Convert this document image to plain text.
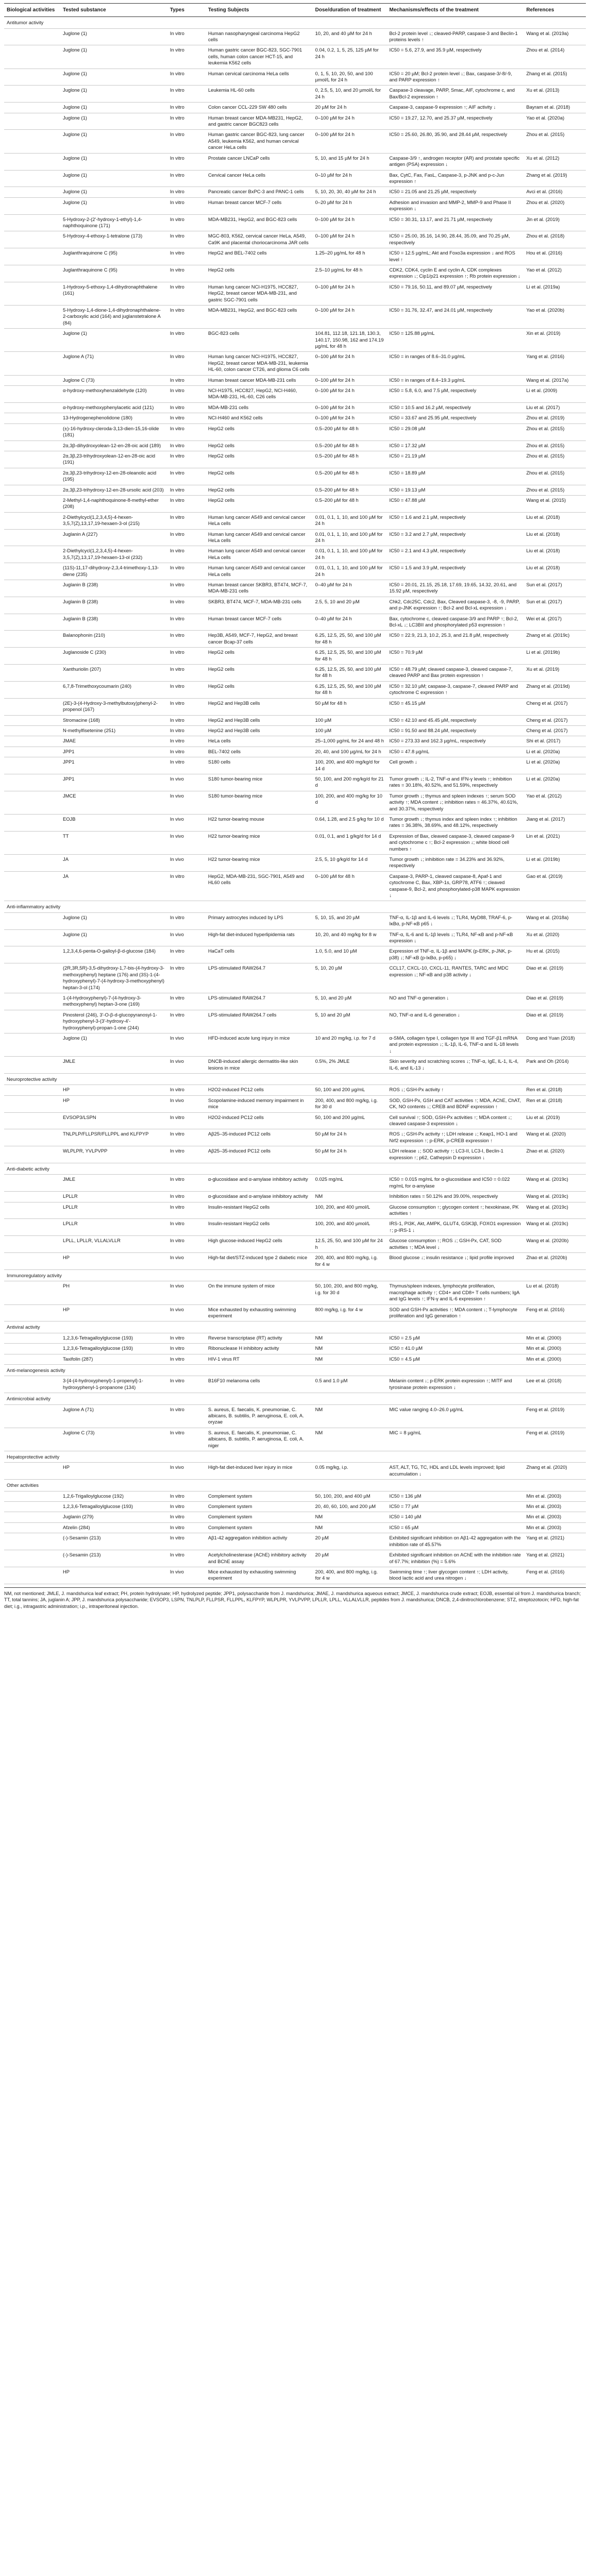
Biological activities	Tested substance	Types	Testing Subjects	Dose/duration of treatment	Mechanisms/effects of the treatment	References
Antitumor activity						
	Juglone (1)	In vitro	Human nasopharyngeal carcinoma HepG2 cells	10, 20, and 40 µM for 24 h	Bcl-2 protein level ↓; cleaved-PARP, caspase-3 and Beclin-1 proteins levels ↑	Wang et al. (2019a)
	Juglone (1)	In vitro	Human gastric cancer BGC-823, SGC-7901 cells, human colon cancer HCT-15, and leukemia K562 cells	0.04, 0.2, 1, 5, 25, 125 µM for 24 h	IC50 = 5.6, 27.9, and 35.9 µM, respectively	Zhou et al. (2014)
	Juglone (1)	In vitro	Human cervical carcinoma HeLa cells	0, 1, 5, 10, 20, 50, and 100 µmol/L for 24 h	IC50 = 20 µM; Bcl-2 protein level ↓; Bax, caspase-3/-8/-9, and PARP expression ↑	Zhang et al. (2015)
	Juglone (1)	In vitro	Leukemia HL-60 cells	0, 2.5, 5, 10, and 20 µmol/L for 24 h	Caspase-3 cleavage, PARP, Smac, AIF, cytochrome c, and Bax/Bcl-2 expression ↑	Xu et al. (2013)
	Juglone (1)	In vitro	Colon cancer CCL-229 SW 480 cells	20 µM for 24 h	Caspase-3, caspase-9 expression ↑; AIF activity ↓	Bayram et al. (2018)
	Juglone (1)	In vitro	Human breast cancer MDA-MB231, HepG2, and gastric cancer BGC823 cells	0–100 µM for 24 h	IC50 = 19.27, 12.70, and 25.37 µM, respectively	Yao et al. (2020a)
	Juglone (1)	In vitro	Human gastric cancer BGC-823, lung cancer A549, leukemia K562, and human cervical cancer HeLa cells	0–100 µM for 24 h	IC50 = 25.60, 26.80, 35.90, and 28.44 µM, respectively	Zhou et al. (2015)
	Juglone (1)	In vitro	Prostate cancer LNCaP cells	5, 10, and 15 µM for 24 h	Caspase-3/9 ↑, androgen receptor (AR) and prostate specific antigen (PSA) expression ↓	Xu et al. (2012)
	Juglone (1)	In vitro	Cervical cancer HeLa cells	0–10 µM for 24 h	Bax, CytC, Fas, FasL, Caspase-3, p-JNK and p-c-Jun expression ↑	Zhang et al. (2019)
	Juglone (1)	In vitro	Pancreatic cancer BxPC-3 and PANC-1 cells	5, 10, 20, 30, 40 µM for 24 h	IC50 = 21.05 and 21.25 µM, respectively	Avci et al. (2016)
	Juglone (1)	In vitro	Human breast cancer MCF-7 cells	0–20 µM for 24 h	Adhesion and invasion and MMP-2, MMP-9 and Phase II expression ↓	Zhou et al. (2020)
	5-Hydroxy-2-(2'-hydroxy-1-ethyl)-1,4-naphthoquinone (171)	In vitro	MDA-MB231, HepG2, and BGC-823 cells	0–100 µM for 24 h	IC50 = 30.31, 13.17, and 21.71 µM, respectively	Jin et al. (2019)
	5-Hydroxy-4-ethoxy-1-tetralone (173)	In vitro	MGC-803, K562, cervical cancer HeLa, A549, Ca9K and placental choriocarcinoma JAR cells	0–100 µM for 24 h	IC50 = 25.00, 35.16, 14.90, 28.44, 35.09, and 70.25 µM, respectively	Zhou et al. (2018)
	Juglanthraquinone C (95)	In vitro	HepG2 and BEL-7402 cells	1.25–20 µg/mL for 48 h	IC50 = 12.5 µg/mL; Akt and Foxo3a expression ↓ and ROS level ↑	Hou et al. (2016)
	Juglanthraquinone C (95)	In vitro	HepG2 cells	2.5–10 µg/mL for 48 h	CDK2, CDK4, cyclin E and cyclin A, CDK complexes expression ↓; Cip1/p21 expression ↑; Rb protein expression ↓	Yao et al. (2012)
	1-Hydroxy-5-ethoxy-1,4-dihydronaphthalene (161)	In vitro	Human lung cancer NCI-H1975, HCC827, HepG2, breast cancer MDA-MB-231, and gastric SGC-7901 cells	0–100 µM for 24 h	IC50 = 79.16, 50.11, and 89.07 µM, respectively	Li et al. (2019a)
	5-Hydroxy-1,4-dione-1,4-dihydronaphthalene-2-carboxylic acid (164) and juglanstetralone A (84)	In vitro	MDA-MB231, HepG2, and BGC-823 cells	0–100 µM for 24 h	IC50 = 31.76, 32.47, and 24.01 µM, respectively	Yao et al. (2020b)
	Juglone (1)	In vitro	BGC-823 cells	104.81, 112.18, 121.18, 130.3, 140.17, 150.98, 162 and 174.19 µg/mL for 48 h	IC50 = 125.88 µg/mL	Xin et al. (2019)
	Juglone A (71)	In vitro	Human lung cancer NCI-H1975, HCC827, HepG2, breast cancer MDA-MB-231, leukemia HL-60, colon cancer CT26, and glioma C6 cells	0–100 µM for 24 h	IC50 = in ranges of 8.6–31.0 µg/mL	Yang et al. (2016)
	Juglone C (73)	In vitro	Human breast cancer MDA-MB-231 cells	0–100 µM for 24 h	IC50 = in ranges of 8.4–19.3 µg/mL	Wang et al. (2017a)
	α-hydroxy-methoxyhenzaldehyde (120)	In vitro	NCI-H1975, HCC827, HepG2, NCI-H460, MDA-MB-231, HL-60, C26 cells	0–100 µM for 24 h	IC50 = 5.8, 6.0, and 7.5 µM, respectively	Li et al. (2009)
	α-hydroxy-methoxyphenylacetic acid (121)	In vitro	MDA-MB-231 cells	0–100 µM for 24 h	IC50 = 10.5 and 16.2 µM, respectively	Liu et al. (2017)
	13-Hydrogenephenolidone (180)	In vitro	NCI-H460 and K562 cells	0–100 µM for 24 h	IC50 = 33.67 and 25.95 µM, respectively	Zhou et al. (2019)
	(±)-16-hydroxy-cleroda-3,13-dien-15,16-olide (181)	In vitro	HepG2 cells	0.5–200 µM for 48 h	IC50 = 29.08 µM	Zhou et al. (2015)
	2α,3β-dihydroxyolean-12-en-28-oic acid (189)	In vitro	HepG2 cells	0.5–200 µM for 48 h	IC50 = 17.32 µM	Zhou et al. (2015)
	2α,3β,23-trihydroxyolean-12-en-28-oic acid (191)	In vitro	HepG2 cells	0.5–200 µM for 48 h	IC50 = 21.19 µM	Zhou et al. (2015)
	2α,3β,23-trihydroxy-12-en-28-oleanolic acid (195)	In vitro	HepG2 cells	0.5–200 µM for 48 h	IC50 = 18.89 µM	Zhou et al. (2015)
	2α,3β,23-trihydroxy-12-en-28-ursolic acid (203)	In vitro	HepG2 cells	0.5–200 µM for 48 h	IC50 = 19.13 µM	Zhou et al. (2015)
	2-Methyl-1,4-naphthoquinone-8-methyl-ether (208)	In vitro	HepG2 cells	0.5–200 µM for 48 h	IC50 = 47.88 µM	Wang et al. (2015)
	2-Diethylcycl(1,2,3,4,5)-4-hexen-3,5,7(Z),13,17,19-hexaen-3-ol (215)	In vitro	Human lung cancer A549 and cervical cancer HeLa cells	0.01, 0.1, 1, 10, and 100 µM for 24 h	IC50 = 1.6 and 2.1 µM, respectively	Liu et al. (2018)
	Juglanin A (227)	In vitro	Human lung cancer A549 and cervical cancer HeLa cells	0.01, 0.1, 1, 10, and 100 µM for 24 h	IC50 = 3.2 and 2.7 µM, respectively	Liu et al. (2018)
	2-Diethylcycl(1,2,3,4,5)-4-hexen-3,5,7(Z),13,17,19-hexaen-13-ol (232)	In vitro	Human lung cancer A549 and cervical cancer HeLa cells	0.01, 0.1, 1, 10, and 100 µM for 24 h	IC50 = 2.1 and 4.3 µM, respectively	Liu et al. (2018)
	(11S)-11,17-dihydroxy-2,3,4-trimethoxy-1,13-diene (235)	In vitro	Human lung cancer A549 and cervical cancer HeLa cells	0.01, 0.1, 1, 10, and 100 µM for 24 h	IC50 = 1.5 and 3.9 µM, respectively	Liu et al. (2018)
	Juglanin B (238)	In vitro	Human breast cancer SKBR3, BT474, MCF-7, MDA-MB-231 cells	0–40 µM for 24 h	IC50 = 20.01, 21.15, 25.18, 17.69, 19.65, 14.32, 20.61, and 15.92 µM, respectively	Sun et al. (2017)
	Juglanin B (238)	In vitro	SKBR3, BT474, MCF-7, MDA-MB-231 cells	2.5, 5, 10 and 20 µM	Chk2, Cdc25C, Cdc2, Bax, Cleaved caspase-3, -8, -9, PARP, and p-JNK expression ↑; Bcl-2 and Bcl-xL expression ↓	Sun et al. (2017)
	Juglanin B (238)	In vitro	Human breast cancer MCF-7 cells	0–40 µM for 24 h	Bax, cytochrome c, cleaved caspase-3/9 and PARP ↑; Bcl-2, Bcl-xL ↓; LC3BII and phosphorylated p53 expression ↑	Wei et al. (2017)
	Balanophonin (210)	In vitro	Hep3B, A549, MCF-7, HepG2, and breast cancer Bcap-37 cells	6.25, 12.5, 25, 50, and 100 µM for 48 h	IC50 = 22.9, 21.3, 10.2, 25.3, and 21.8 µM, respectively	Zhang et al. (2019c)
	Juglanoside C (230)	In vitro	HepG2 cells	6.25, 12.5, 25, 50, and 100 µM for 48 h	IC50 = 70.9 µM	Li et al. (2019b)
	Xanthuriolin (207)	In vitro	HepG2 cells	6.25, 12.5, 25, 50, and 100 µM for 48 h	IC50 = 48.79 µM; cleaved caspase-3, cleaved caspase-7, cleaved PARP and Bax protein expression ↑	Xu et al. (2019)
	6,7,8-Trimethoxycoumarin (240)	In vitro	HepG2 cells	6.25, 12.5, 25, 50, and 100 µM for 48 h	IC50 = 32.10 µM; caspase-3, caspase-7, cleaved PARP and cytochrome C expression ↑	Zhang et al. (2019d)
	(2E)-3-(4-Hydroxy-3-methylbutoxy)phenyl-2-propenol (167)	In vitro	HepG2 and Hep3B cells	50 µM for 48 h	IC50 = 45.15 µM	Cheng et al. (2017)
	Stromacine (168)	In vitro	HepG2 and Hep3B cells	100 µM	IC50 = 42.10 and 45.45 µM, respectively	Cheng et al. (2017)
	N-methylfisetenine (251)	In vitro	HepG2 and Hep3B cells	100 µM	IC50 = 91.50 and 88.24 µM, respectively	Cheng et al. (2017)
	JMAE	In vitro	HeLa cells	25–1,000 µg/mL for 24 and 48 h	IC50 = 273.33 and 162.3 µg/mL, respectively	Shi et al. (2017)
	JPP1	In vitro	BEL-7402 cells	20, 40, and 100 µg/mL for 24 h	IC50 = 47.8 µg/mL	Li et al. (2020a)
	JPP1	In vitro	S180 cells	100, 200, and 400 mg/kg/d for 14 d	Cell growth ↓	Li et al. (2020a)
	JPP1	In vivo	S180 tumor-bearing mice	50, 100, and 200 mg/kg/d for 21 d	Tumor growth ↓; IL-2, TNF-α and IFN-γ levels ↑; inhibition rates = 30.18%, 40.52%, and 51.59%, respectively	Li et al. (2020a)
	JMCE	In vivo	S180 tumor-bearing mice	100, 200, and 400 mg/kg for 10 d	Tumor growth ↓; thymus and spleen indexes ↑; serum SOD activity ↑; MDA content ↓; inhibition rates = 46.37%, 40.61%, and 30.37%, respectively	Yao et al. (2012)
	EOJB	In vivo	H22 tumor-bearing mouse	0.64, 1.28, and 2.5 g/kg for 10 d	Tumor growth ↓; thymus index and spleen index ↑; inhibition rates = 36.38%, 38.69%, and 48.12%, respectively	Jiang et al. (2017)
	TT	In vivo	H22 tumor-bearing mice	0.01, 0.1, and 1 g/kg/d for 14 d	Expression of Bax, cleaved caspase-3, cleaved caspase-9 and cytochrome c ↑; Bcl-2 expression ↓; white blood cell numbers ↑	Lin et al. (2021)
	JA	In vivo	H22 tumor-bearing mice	2.5, 5, 10 g/kg/d for 14 d	Tumor growth ↓; inhibition rate = 34.23% and 36.92%, respectively	Li et al. (2019b)
	JA	In vitro	HepG2, MDA-MB-231, SGC-7901, A549 and HL60 cells	0–100 µM for 48 h	Caspase-3, PARP-1, cleaved caspase-8, Apaf-1 and cytochrome C, Bax, XBP-1s, GRP78, ATF6 ↑; cleaved caspase-9, Bcl-2, and phosphorylated-p38 MAPK expression ↓	Gao et al. (2019)
Anti-inflammatory activity						
	Juglone (1)	In vitro	Primary astrocytes induced by LPS	5, 10, 15, and 20 µM	TNF-α, IL-1β and IL-6 levels ↓; TLR4, MyD88, TRAF-6, p-IκBα, p-NF-κB p65 ↓	Wang et al. (2018a)
	Juglone (1)	In vivo	High-fat diet-induced hyperlipidemia rats	10, 20, and 40 mg/kg for 8 w	TNF-α, IL-6 and IL-1β levels ↓; TLR4, NF-κB and p-NF-κB expression ↓	Xu et al. (2020)
	1,2,3,4,6-penta-O-galloyl-β-d-glucose (184)	In vitro	HaCaT cells	1.0, 5.0, and 10 µM	Expression of TNF-α, IL-1β and MAPK (p-ERK, p-JNK, p-p38) ↓; NF-κB (p-IκBα, p-p65) ↓	Hu et al. (2015)
	(2R,3R,5R)-3,5-dihydroxy-1,7-bis-(4-hydroxy-3-methoxyphenyl) heptane (176) and (3S)-1-(4-hydroxyphenyl)-7-(4-hydroxy-3-methoxyphenyl) heptan-3-ol (174)	In vitro	LPS-stimulated RAW264.7	5, 10, 20 µM	CCL17, CXCL-10, CXCL-11, RANTES, TARC and MDC expression ↓; NF-κB and p38 activity ↓	Diao et al. (2019)
	1-(4-Hydroxyphenyl)-7-(4-hydroxy-3-methoxyphenyl) heptan-3-one (169)	In vitro	LPS-stimulated RAW264.7	5, 10, and 20 µM	NO and TNF-α generation ↓	Diao et al. (2019)
	Pinosterol (246), 3'-O-β-d-glucopyranosyl-1-hydroxyphenyl-3-(3'-hydroxy-4'-hydroxyphenyl)-propan-1-one (244)	In vitro	LPS-stimulated RAW264.7 cells	5, 10 and 20 µM	NO, TNF-α and IL-6 generation ↓	Diao et al. (2019)
	Juglone (1)	In vivo	HFD-induced acute lung injury in mice	10 and 20 mg/kg, i.p. for 7 d	α-SMA, collagen type I, collagen type III and TGF-β1 mRNA and protein expression ↓; IL-1β, IL-6, TNF-α and IL-18 levels ↓	Dong and Yuan (2018)
	JMLE	In vivo	DNCB-induced allergic dermatitis-like skin lesions in mice	0.5%, 2% JMLE	Skin severity and scratching scores ↓; TNF-α, IgE, IL-1, IL-4, IL-6, and IL-13 ↓	Park and Oh (2014)
Neuroprotective activity						
	HP	In vitro	H2O2-induced PC12 cells	50, 100 and 200 µg/mL	ROS ↓; GSH-Px activity ↑	Ren et al. (2018)
	HP	In vivo	Scopolamine-induced memory impairment in mice	200, 400, and 800 mg/kg, i.g. for 30 d	SOD, GSH-Px, GSH and CAT activities ↑; MDA, AChE, ChAT, CK, NO contents ↓; CREB and BDNF expression ↑	Ren et al. (2018)
	EVSOP3/LSPN	In vitro	H2O2-induced PC12 cells	50, 100 and 200 µg/mL	Cell survival ↑; SOD, GSH-Px activities ↑; MDA content ↓; cleaved caspase-3 expression ↓	Liu et al. (2019)
	TNLPLP/FLLPSR/FLLPPL and KLFPYP	In vitro	Aβ25–35-induced PC12 cells	50 µM for 24 h	ROS ↓; GSH-Px activity ↑; LDH release ↓; Keap1, HO-1 and Nrf2 expression ↑; p-ERK, p-CREB expression ↑	Wang et al. (2020)
	WLPLPR, YVLPVPP	In vitro	Aβ25–35-induced PC12 cells	50 µM for 24 h	LDH release ↓; SOD activity ↑; LC3-II, LC3-I, Beclin-1 expression ↑; p62, Cathepsin D expression ↓	Zhao et al. (2020)
Anti-diabetic activity						
	JMLE	In vitro	α-glucosidase and α-amylase inhibitory activity	0.025 mg/mL	IC50 = 0.015 mg/mL for α-glucosidase and IC50 = 0.022 mg/mL for α-amylase	Wang et al. (2019c)
	LPLLR	In vitro	α-glucosidase and α-amylase inhibitory activity	NM	Inhibition rates = 50.12% and 39.00%, respectively	Wang et al. (2019c)
	LPLLR	In vitro	Insulin-resistant HepG2 cells	100, 200, and 400 µmol/L	Glucose consumption ↑; glycogen content ↑; hexokinase, PK activities ↑	Wang et al. (2019c)
	LPLLR	In vitro	Insulin-resistant HepG2 cells	100, 200, and 400 µmol/L	IRS-1, PI3K, Akt, AMPK, GLUT4, GSK3β, FOXO1 expression ↑; p-IRS-1 ↓	Wang et al. (2019c)
	LPLL, LPLLR, VLLALVLLR	In vitro	High glucose-induced HepG2 cells	12.5, 25, 50, and 100 µM for 24 h	Glucose consumption ↑; ROS ↓; GSH-Px, CAT, SOD activities ↑; MDA level ↓	Wang et al. (2020b)
	HP	In vivo	High-fat diet/STZ-induced type 2 diabetic mice	200, 400, and 800 mg/kg, i.g. for 4 w	Blood glucose ↓; insulin resistance ↓; lipid profile improved	Zhao et al. (2020b)
Immunoregulatory activity						
	PH	In vivo	On the immune system of mice	50, 100, 200, and 800 mg/kg, i.g. for 30 d	Thymus/spleen indexes, lymphocyte proliferation, macrophage activity ↑; CD4+ and CD8+ T cells numbers; IgA and IgG levels ↑; IFN-γ and IL-6 expression ↑	Lu et al. (2018)
	HP	In vivo	Mice exhausted by exhausting swimming experiment	800 mg/kg, i.g. for 4 w	SOD and GSH-Px activities ↑; MDA content ↓; T-lymphocyte proliferation and IgG generation ↑	Feng et al. (2016)
Antiviral activity						
	1,2,3,6-Tetragalloylglucose (193)	In vitro	Reverse transcriptase (RT) activity	NM	IC50 = 2.5 µM	Min et al. (2000)
	1,2,3,6-Tetragalloylglucose (193)	In vitro	Ribonuclease H inhibitory activity	NM	IC50 = 41.0 µM	Min et al. (2000)
	Taxifolin (287)	In vitro	HIV-1 virus RT	NM	IC50 = 4.5 µM	Min et al. (2000)
Anti-melanogenesis activity						
	3-[4-(4-hydroxyphenyl)-1-propenyl]-1-hydroxyphenyl-1-propanone (134)	In vitro	B16F10 melanoma cells	0.5 and 1.0 µM	Melanin content ↓; p-ERK protein expression ↑; MITF and tyrosinase protein expression ↓	Lee et al. (2018)
Antimicrobial activity						
	Juglone A (71)	In vitro	S. aureus, E. faecalis, K. pneumoniae, C. albicans, B. subtilis, P. aeruginosa, E. coli, A. oryzae	NM	MIC value ranging 4.0–26.0 µg/mL	Feng et al. (2019)
	Juglone C (73)	In vitro	S. aureus, E. faecalis, K. pneumoniae, C. albicans, B. subtilis, P. aeruginosa, E. coli, A. niger	NM	MIC = 8 µg/mL	Feng et al. (2019)
Hepatoprotective activity						
	HP	In vivo	High-fat diet-induced liver injury in mice	0.05 mg/kg, i.p.	AST, ALT, TG, TC, HDL and LDL levels improved; lipid accumulation ↓	Zhang et al. (2020)
Other activities						
	1,2,6-Trigalloylglucose (192)	In vitro	Complement system	50, 100, 200, and 400 µM	IC50 = 136 µM	Min et al. (2003)
	1,2,3,6-Tetragalloylglucose (193)	In vitro	Complement system	20, 40, 60, 100, and 200 µM	IC50 = 77 µM	Min et al. (2003)
	Juglanin (279)	In vitro	Complement system	NM	IC50 = 140 µM	Min et al. (2003)
	Afzelin (284)	In vitro	Complement system	NM	IC50 = 65 µM	Min et al. (2003)
	(-)-Sesamin (213)	In vitro	Aβ1-42 aggregation inhibition activity	20 µM	Exhibited significant inhibition on Aβ1-42 aggregation with the inhibition rate of 45.57%	Yang et al. (2021)
	(-)-Sesamin (213)	In vitro	Acetylcholinesterase (AChE) inhibitory activity and BChE assay	20 µM	Exhibited significant inhibition on AChE with the inhibition rate of 67.7%; inhibition (%) = 5.6%	Yang et al. (2021)
	HP	In vivo	Mice exhausted by exhausting swimming experiment	200, 400, and 800 mg/kg, i.g. for 4 w	Swimming time ↑; liver glycogen content ↑; LDH activity, blood lactic acid and urea nitrogen ↓	Feng et al. (2016)
NM, not mentioned; JMLE, J. mandshurica leaf extract; PH, protein hydrolysate; HP, hydrolyzed peptide; JPP1, polysaccharide from J. mandshurica; JMAE, J. mandshurica aqueous extract; JMCE, J. mandshurica crude extract; EOJB, essential oil from J. mandshurica branch; TT, total tannins; JA, juglanin A; JPP, J. mandshurica polysaccharide; EVSOP3, LSPN, TNLPLP, FLLPSR, FLLPPL, KLFPYP, WLPLPR, YVLPVPP, LPLLR, LPLL, VLLALVLLR, peptides from J. mandshurica; DNCB, 2,4-dinitrochlorobenzene; STZ, streptozotocin; HFD, high-fat diet; i.g., intragastric administration; i.p., intraperitoneal injection.
